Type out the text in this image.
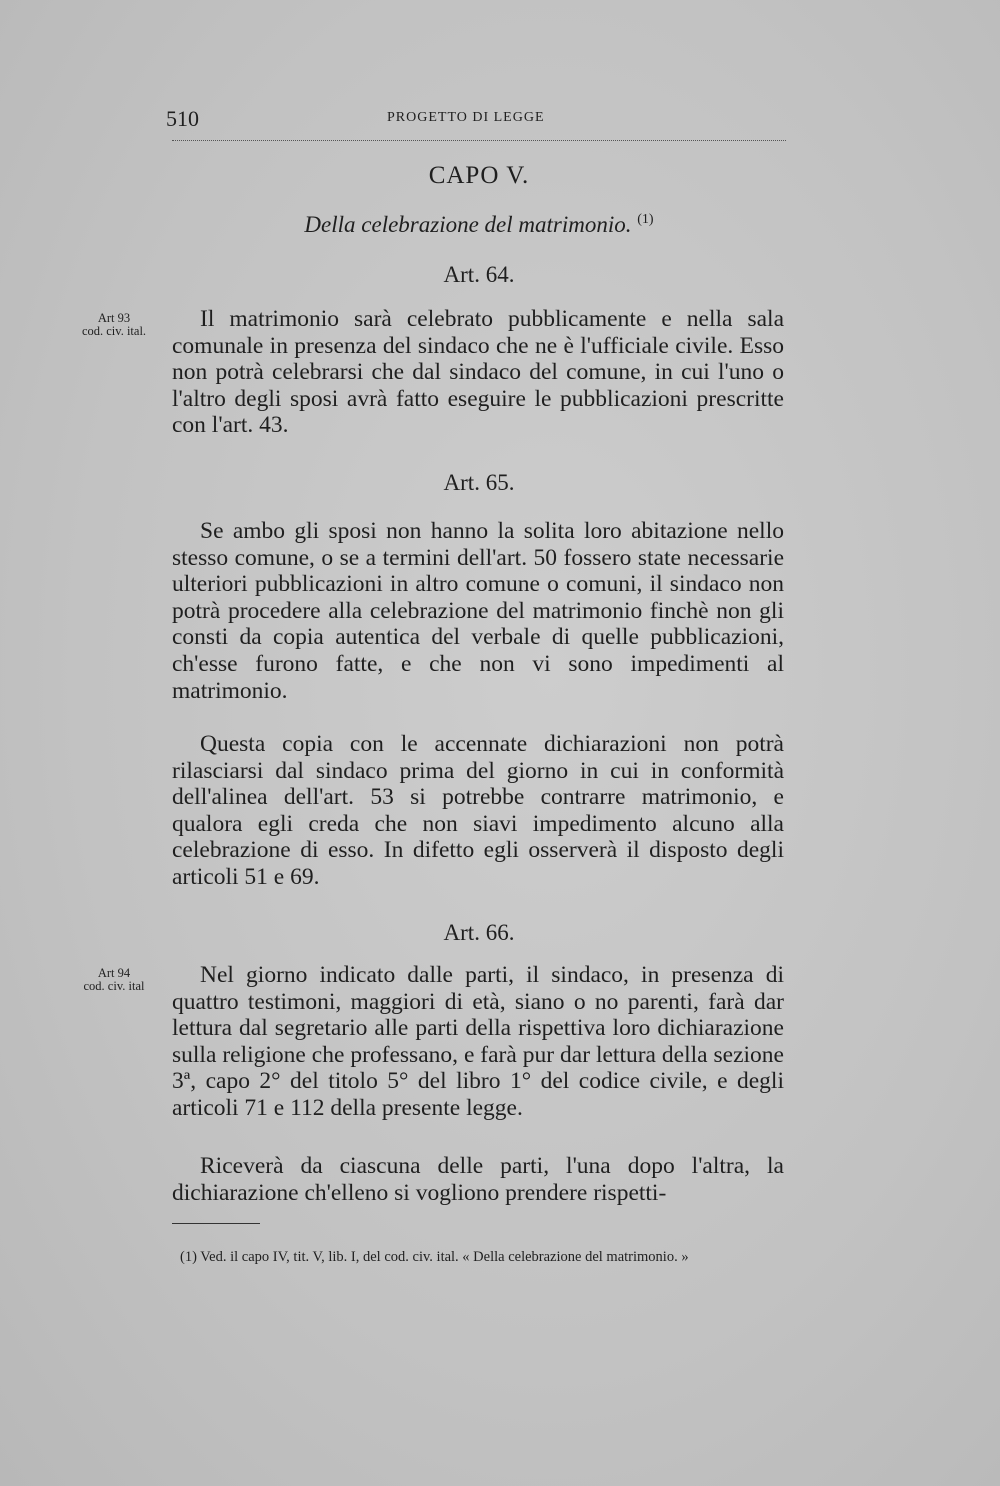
510	PROGETTO DI LEGGE
CAPO V.
Della celebrazione del matrimonio. $^{(1)}$
Art. 64.
Art 93
cod. civ. ital.	Il matrimonio sarà celebrato pubblicamente e nella sala comunale in presenza del sindaco che ne è l'ufficiale civile. Esso non potrà celebrarsi che dal sindaco del comune, in cui l'uno o l'altro degli sposi avrà fatto eseguire le pubblicazioni prescritte con l'art. 43.

Art. 65.

Se ambo gli sposi non hanno la solita loro abitazione nello stesso comune, o se a termini dell'art. 50 fossero state necessarie ulteriori pubblicazioni in altro comune o comuni, il sindaco non potrà procedere alla celebrazione del matrimonio finchè non gli consti da copia autentica del verbale di quelle pubblicazioni, ch'esse furono fatte, e che non vi sono impedimenti al matrimonio.

Questa copia con le accennate dichiarazioni non potrà rilasciarsi dal sindaco prima del giorno in cui in conformità dell'alinea dell'art. 53 si potrebbe contrarre matrimonio, e qualora egli creda che non siavi impedimento alcuno alla celebrazione di esso. In difetto egli osserverà il disposto degli articoli 51 e 69.

Art. 66.
Art 94
cod. civ. ital	Nel giorno indicato dalle parti, il sindaco, in presenza di quattro testimoni, maggiori di età, siano o no parenti, farà dar lettura dal segretario alle parti della rispettiva loro dichiarazione sulla religione che professano, e farà pur dar lettura della sezione 3ª, capo 2° del titolo 5° del libro 1° del codice civile, e degli articoli 71 e 112 della presente legge.

Riceverà da ciascuna delle parti, l'una dopo l'altra, la dichiarazione ch'elleno si vogliono prendere rispetti-

(1) Ved. il capo IV, tit. V, lib. I, del cod. civ. ital. « Della celebrazione del matrimonio. »
